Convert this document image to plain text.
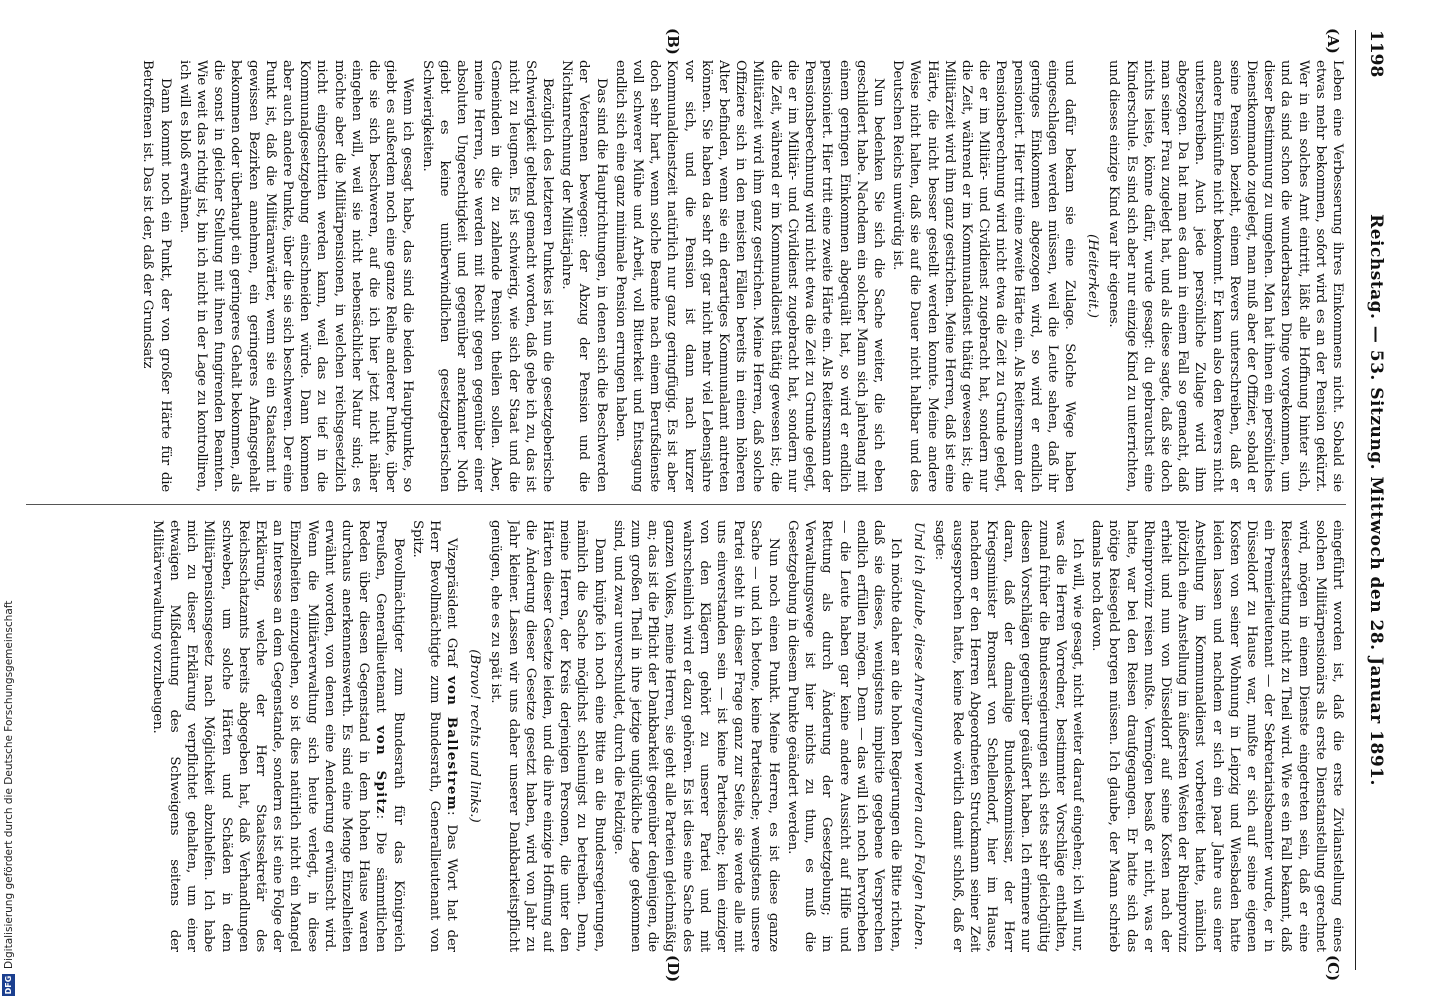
1198
Reichstag. — 53. Sitzung. Mittwoch den 28. Januar 1891.
(A)
(B)
(C)
(D)

Leben eine Verbesserung ihres Einkommens nicht. Sobald sie etwas mehr bekommen, sofort wird es an der Pension gekürzt. Wer in ein solches Amt eintritt, läßt alle Hoffnung hinter sich, und da sind schon die wunderbarsten Dinge vorgekommen, um dieser Bestimmung zu umgehen. Man hat ihnen ein persönliches Dienstkommando zugelegt, man muß aber der Offizier, sobald er seine Pension bezieht, einem Revers unterschreiben, daß er andere Einkünfte nicht bekommt. Er kann also den Revers nicht unterschreiben. Auch jede persönliche Zulage wird ihm abgezogen. Da hat man es dann in einem Fall so gemacht, daß man seiner Frau zugelegt hat, und als diese sagte, daß sie doch nichts leiste, könne dafür, wurde gesagt: du gebrauchst eine Kinderschule. Es sind sich aber nur einzige Kind zu unterrichten, und dieses einzige Kind war ihr eigenes.

(Heiterkeit.)

und dafür bekam sie eine Zulage. Solche Wege haben eingeschlagen werden müssen, weil die Leute sahen, daß ihr geringes Einkommen abgezogen wird, so wird er endlich pensioniert. Hier tritt eine zweite Härte ein. Als Reitersmann der Pensionsberechnung wird nicht etwa die Zeit zu Grunde gelegt, die er im Militär- und Civildienst zugebracht hat, sondern nur die Zeit, während er im Kommunaldienst thätig gewesen ist; die Militärzeit wird ihm ganz gestrichen. Meine Herren, daß ist eine Härte, die nicht besser gestellt werden konnte. Meine andere Weise nicht halten, daß sie auf die Dauer nicht haltbar und des Deutschen Reichs unwürdig ist.

Nun bedenken Sie sich die Sache weiter, die sich eben geschildert habe. Nachdem ein solcher Mann sich jahrelang mit einem geringen Einkommen abgequält hat, so wird er endlich pensioniert. Hier tritt eine zweite Härte ein. Als Reitersmann der Pensionsberechnung wird nicht etwa die Zeit zu Grunde gelegt, die er im Militär- und Civildienst zugebracht hat, sondern nur die Zeit, während er im Kommunaldienst thätig gewesen ist; die Militärzeit wird ihm ganz gestrichen. Meine Herren, daß solche Offiziere sich in den meisten Fällen bereits in einem höheren Alter befinden, wenn sie ein derartiges Kommunalamt antreten können. Sie haben da sehr oft gar nicht mehr viel Lebensjahre vor sich, und die Pension ist dann nach kurzer Kommunaldienstzeit natürlich nur ganz geringfügig. Es ist aber doch sehr hart, wenn solche Beamte nach einem Berufsdienste voll schwerer Mühe und Arbeit, voll Bitterkeit und Entsagung endlich sich eine ganz minimale Pension errungen haben.

Das sind die Hauptrichtungen, in denen sich die Beschwerden der Veteranen bewegen: der Abzug der Pension und die Nichtanrechnung der Militärjahre.

Bezüglich des letzteren Punktes ist nun die gesetzgeberische Schwierigkeit geltend gemacht worden, daß gebe ich zu, das ist nicht zu leugnen. Es ist schwierig, wie sich der Staat und die Gemeinden in die zu zahlende Pension theilen sollen. Aber, meine Herren, Sie werden mit Recht gegen gegenüber einer absoluten Ungerechtigkeit und gegenüber anerkannter Noth giebt es keine unüberwindlichen gesetzgeberischen Schwierigkeiten.

Wenn ich gesagt habe, das sind die beiden Hauptpunkte, so giebt es außerdem noch eine ganze Reihe anderer Punkte, über die sie sich beschweren, auf die ich hier jetzt nicht näher eingehen will, weil sie nicht nebensächlicher Natur sind; es möchte aber die Militärpensionen, in welchen reichsgesetzlich nicht eingeschritten werden kann, weil das zu tief in die Kommunalgesetzgebung einschneiden würde. Dann kommen aber auch andere Punkte, über die sie sich beschweren. Der eine Punkt ist, daß die Militäranwärter, wenn sie ein Staatsamt in gewissen Bezirken annehmen, ein geringeres Anfangsgehalt bekommen oder überhaupt ein geringeres Gehalt bekommen, als die sonst in gleicher Stellung mit ihnen fungirenden Beamten. Wie weit das richtig ist, bin ich nicht in der Lage zu kontrolliren, ich will es bloß erwähnen.

Dann kommt noch ein Punkt, der von großer Härte für die Betroffenen ist. Das ist der, daß der Grundsatz

eingeführt worden ist, daß die erste Zivilanstellung eines solchen Militärpensionärs als erste Dienstanstellung gerechnet wird, mögen in einem Dienste eingetreten sein, daß er eine Reiseerstattung nicht zu Theil wird. Wie es ein Fall bekannt, daß ein Premierlieutenant — der Sekretariatsbeamter wurde, er in Düsseldorf zu Hause war, mußte er sich auf seine eigenen Kosten von seiner Wohnung in Leipzig und Wiesbaden hatte leiden lassen und nachdem er sich ein paar Jahre aus einer Anstellung im Kommunaldienst vorbereitet hatte, nämlich plötzlich eine Anstellung im äußersten Westen der Rheinprovinz erhielt und nun von Düsseldorf auf seine Kosten nach der Rheinprovinz reisen mußte. Vermögen besaß er nicht, was er hatte, war bei den Reisen draufgegangen. Er hatte sich das nötige Reisegeld borgen müssen. Ich glaube, der Mann schrieb damals noch davon.

Ich will, wie gesagt, nicht weiter darauf eingehen; ich will nur, was die Herren Vorredner, bestimmter Vorschläge enthalten, zumal früher die Bundesregierungen sich stets sehr gleichgültig diesen Vorschlägen gegenüber geäußert haben. Ich erinnere nur daran, daß der damalige Bundeskommissar, der Herr Kriegsminister Bronsart von Schellendorf, hier im Hause, nachdem er den Herren Abgeordneten Struckmann seiner Zeit ausgesprochen hatte, keine Rede wörtlich damit schloß, daß er sagte:

Und ich glaube, diese Anregungen werden auch Folgen haben.

Ich möchte daher an die hohen Regierungen die Bitte richten, daß sie dieses, wenigstens implicite gegebene Versprechen endlich erfüllen mögen. Denn — das will ich noch hervorheben — die Leute haben gar keine andere Aussicht auf Hilfe und Rettung als durch Änderung der Gesetzgebung; im Verwaltungswege ist hier nichts zu thun, es muß die Gesetzgebung in diesem Punkte geändert werden.

Nun noch einen Punkt. Meine Herren, es ist diese ganze Sache — und ich betone, keine Parteisache; wenigstens unsere Partei steht in dieser Frage ganz zur Seite, sie werde alle mit uns einverstanden sein — ist keine Parteisache; kein einziger von den Klägern gehört zu unserer Partei und mit wahrscheinlich wird er dazu gehören. Es ist dies eine Sache des ganzen Volkes, meine Herren, sie geht alle Parteien gleichmäßig an; das ist die Pflicht der Dankbarkeit gegenüber denjenigen, die zum großen Theil in ihre jetzige unglückliche Lage gekommen sind, und zwar unverschuldet, durch die Feldzüge.

Dann knüpfe ich noch eine Bitte an die Bundesregierungen, nämlich die Sache möglichst schleunigst zu betreiben. Denn, meine Herren, der Kreis derjenigen Personen, die unter den Härten dieser Gesetze leiden, und die ihre einzige Hoffnung auf die Änderung dieser Gesetze gesetzt haben, wird von Jahr zu Jahr kleiner. Lassen wir uns daher unserer Dankbarkeitspflicht genügen, ehe es zu spät ist.

(Bravo! rechts und links.)

Vizepräsident Graf von Ballestrem: Das Wort hat der Herr Bevollmächtigte zum Bundesrath, Generallieutenant von Spitz.

Bevollmächtigter zum Bundesrath für das Königreich Preußen, Generallieutenant von Spitz: Die sämmtlichen Reden über diesen Gegenstand in dem hohen Hause waren durchaus anerkennenswerth. Es sind eine Menge Einzelheiten erwähnt worden, von denen eine Aenderung erwünscht wird. Wenn die Militärverwaltung sich heute verlegt, in diese Einzelheiten einzugehen, so ist dies natürlich nicht ein Mangel an Interesse an dem Gegenstande, sondern es ist eine Folge der Erklärung, welche der Herr Staatssekretär des Reichsschatzamts bereits abgegeben hat, daß Verhandlungen schweben, um solche Härten und Schäden in dem Militärpensionsgesetz nach Möglichkeit abzuhelfen. Ich habe mich zu dieser Erklärung verpflichtet gehalten, um einer etwaigen Mißdeutung des Schweigens seitens der Militärverwaltung vorzubeugen.

DFG
Digitalisierung gefördert durch die Deutsche Forschungsgemeinschaft
